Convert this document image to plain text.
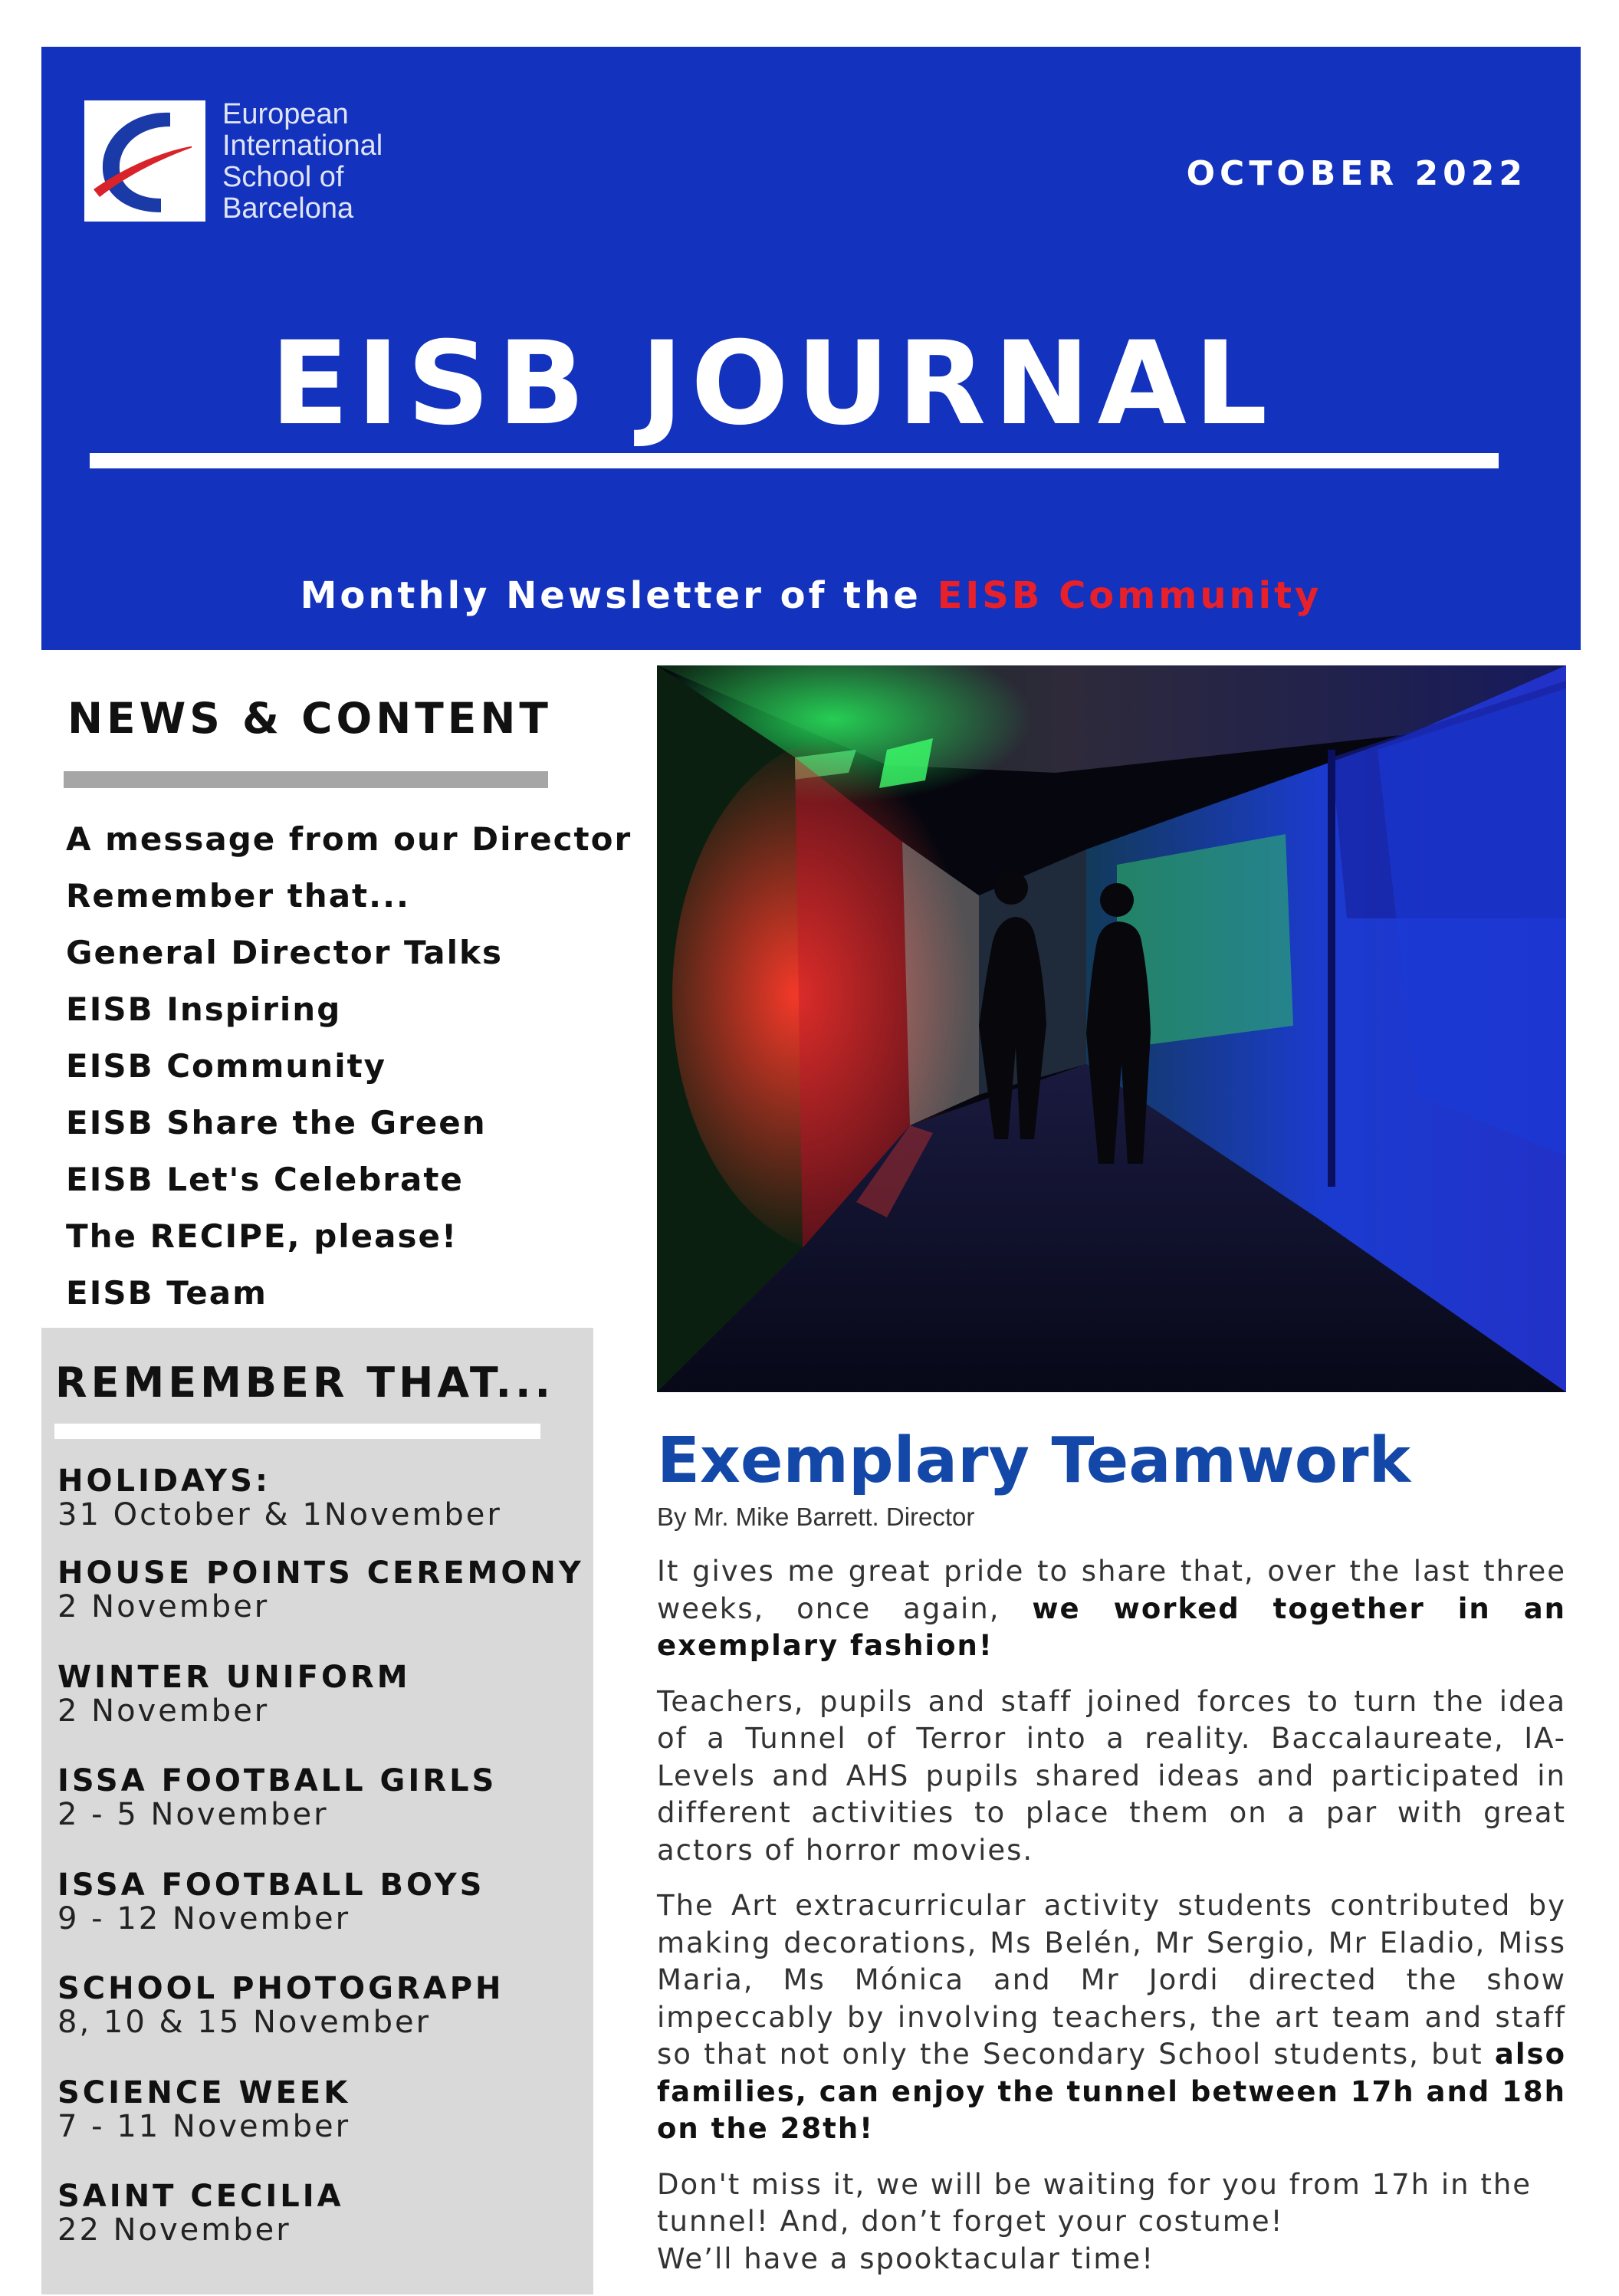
European
International
School of
Barcelona
OCTOBER 2022
EISB JOURNAL
Monthly Newsletter of the EISB Community
NEWS & CONTENT
A message from our Director
Remember that...
General Director Talks
EISB Inspiring
EISB Community
EISB Share the Green
EISB Let's Celebrate
The RECIPE, please!
EISB Team
REMEMBER THAT...
HOLIDAYS:
31 October & 1November
HOUSE POINTS CEREMONY
2 November
WINTER UNIFORM
2 November
ISSA FOOTBALL GIRLS
2 - 5 November
ISSA FOOTBALL BOYS
9 - 12 November
SCHOOL PHOTOGRAPH
8, 10 & 15 November
SCIENCE WEEK
7 - 11 November
SAINT CECILIA
22 November
Exemplary Teamwork
By Mr. Mike Barrett. Director

It gives me great pride to share that, over the last three weeks, once again, we worked together in an exemplary fashion!

Teachers, pupils and staff joined forces to turn the idea of a Tunnel of Terror into a reality. Baccalaureate, IA-Levels and AHS pupils shared ideas and participated in different activities to place them on a par with great actors of horror movies.

The Art extracurricular activity students contributed by making decorations, Ms Belén, Mr Sergio, Mr Eladio, Miss Maria, Ms Mónica and Mr Jordi directed the show impeccably by involving teachers, the art team and staff so that not only the Secondary School students, but also families, can enjoy the tunnel between 17h and 18h on the 28th!

Don't miss it, we will be waiting for you from 17h in the tunnel! And, don’t forget your costume!
We’ll have a spooktacular time!
